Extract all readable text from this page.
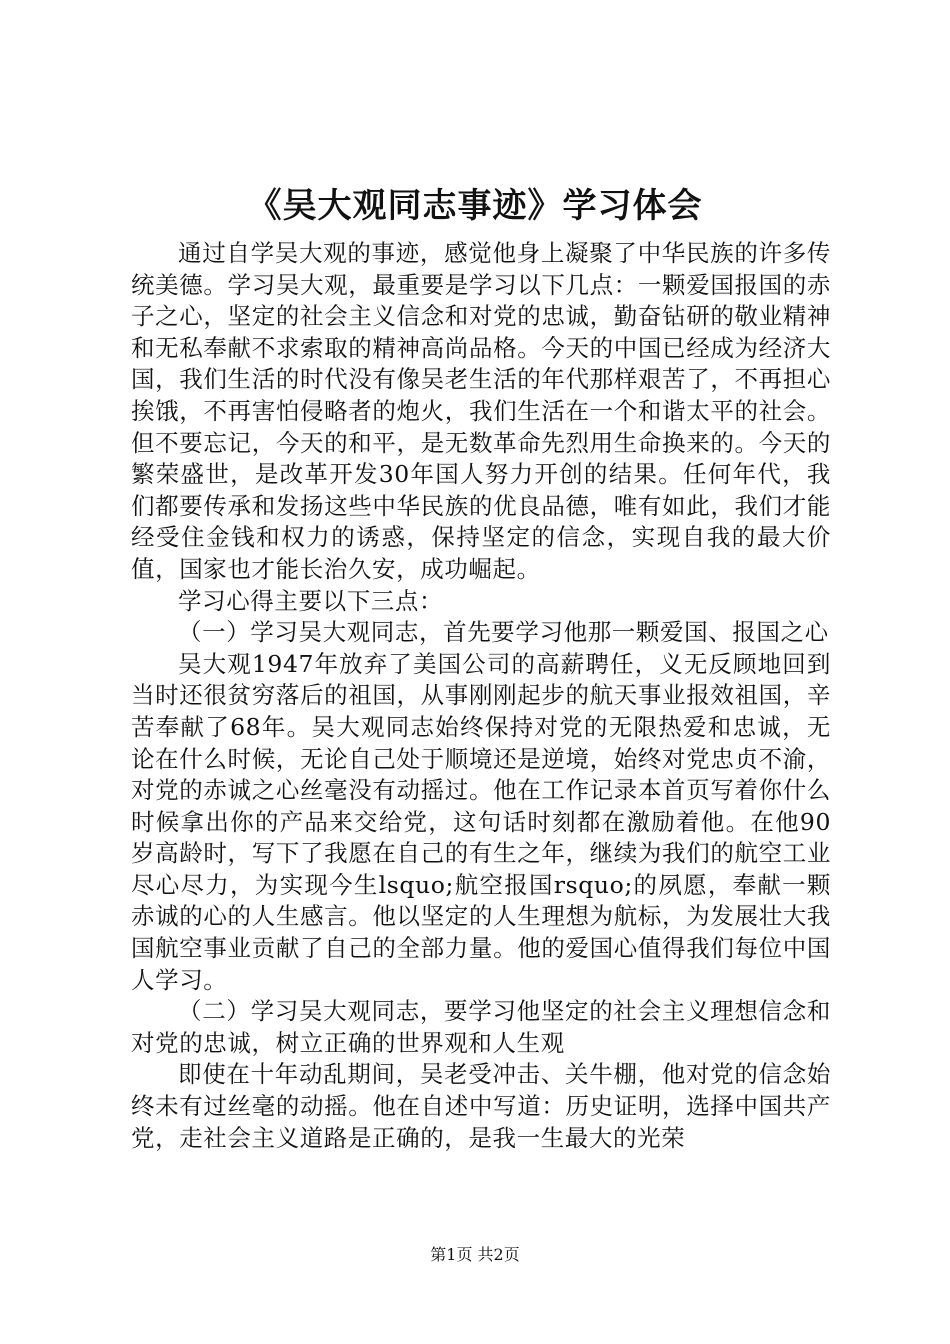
《吴大观同志事迹》学习体会

通过自学吴大观的事迹，感觉他身上凝聚了中华民族的许多传统美德。学习吴大观，最重要是学习以下几点：一颗爱国报国的赤子之心，坚定的社会主义信念和对党的忠诚，勤奋钻研的敬业精神和无私奉献不求索取的精神高尚品格。今天的中国已经成为经济大国，我们生活的时代没有像吴老生活的年代那样艰苦了，不再担心挨饿，不再害怕侵略者的炮火，我们生活在一个和谐太平的社会。但不要忘记，今天的和平，是无数革命先烈用生命换来的。今天的繁荣盛世，是改革开发30年国人努力开创的结果。任何年代，我们都要传承和发扬这些中华民族的优良品德，唯有如此，我们才能经受住金钱和权力的诱惑，保持坚定的信念，实现自我的最大价值，国家也才能长治久安，成功崛起。

学习心得主要以下三点：

（一）学习吴大观同志，首先要学习他那一颗爱国、报国之心

吴大观1947年放弃了美国公司的高薪聘任，义无反顾地回到当时还很贫穷落后的祖国，从事刚刚起步的航天事业报效祖国，辛苦奉献了68年。吴大观同志始终保持对党的无限热爱和忠诚，无论在什么时候，无论自己处于顺境还是逆境，始终对党忠贞不渝，对党的赤诚之心丝毫没有动摇过。他在工作记录本首页写着你什么时候拿出你的产品来交给党，这句话时刻都在激励着他。在他90岁高龄时，写下了我愿在自己的有生之年，继续为我们的航空工业尽心尽力，为实现今生lsquo;航空报国rsquo;的夙愿，奉献一颗赤诚的心的人生感言。他以坚定的人生理想为航标，为发展壮大我国航空事业贡献了自己的全部力量。他的爱国心值得我们每位中国人学习。

（二）学习吴大观同志，要学习他坚定的社会主义理想信念和对党的忠诚，树立正确的世界观和人生观

即使在十年动乱期间，吴老受冲击、关牛棚，他对党的信念始终未有过丝毫的动摇。他在自述中写道：历史证明，选择中国共产党，走社会主义道路是正确的，是我一生最大的光荣

第1页 共2页
